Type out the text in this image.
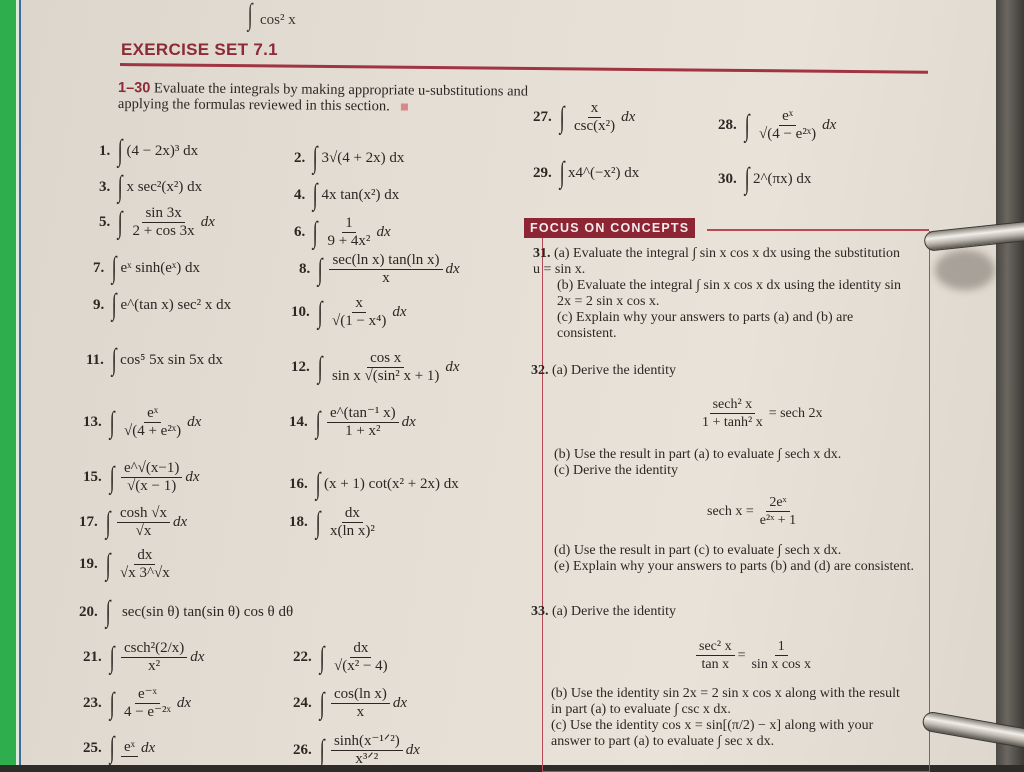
∫ cos² x
EXERCISE SET 7.1
1–30 Evaluate the integrals by making appropriate u-substitutions and applying the formulas reviewed in this section.
1. ∫ (4 − 2x)³ dx	2. ∫ 3√(4 + 2x) dx
3. ∫ x sec²(x²) dx	4. ∫ 4x tan(x²) dx
5. ∫ $\frac{\sin 3x}{2 + \cos 3x}$ dx
6. ∫ $\frac{1}{\text{9 + 4x²}}$ dx
7. ∫ eˣ sinh(eˣ) dx	8. ∫ $\frac{\text{sec(ln x) tan(ln x)}}{x}$ dx
9. ∫ e^(tan x) sec² x dx	10. ∫ $\frac{x}{\text{√(1 − x⁴)}}$ dx
11. ∫ cos⁵ 5x sin 5x dx	12. ∫ $\frac{\text{cos x}}{\text{sin x √(sin² x + 1)}}$ dx
13. ∫ $\frac{\text{eˣ}}{\text{√(4 + e²ˣ)}}$ dx	14. ∫ $\frac{\text{e\textasciicircum{}(tan⁻¹ x)}}{\text{1 + x²}}$ dx
15. ∫ $\frac{e\^{}√(x-1)}{√(x - 1)}$ dx	16. ∫ (x + 1) cot(x² + 2x) dx
17. ∫ $\frac{\cosh √x}{√x}$ dx	18. ∫ $\frac{dx}{\text{x(ln x)²}}$
19. ∫ $\frac{dx}{√x 3\^{}√x}$
20. ∫ sec(sin θ) tan(sin θ) cos θ dθ
21. ∫ $\frac{\text{csch²(2/x)}}{\text{x²}}$ dx	22. ∫ $\frac{dx}{\text{√(x² − 4)}}$
23. ∫ $\frac{\text{e⁻ˣ}}{\text{4 − e⁻²ˣ}}$ dx	24. ∫ $\frac{\text{cos(ln x)}}{x}$ dx
25. ∫ eˣ dx	26. ∫ $\frac{\text{sinh(x⁻¹ᐟ²)}}{\text{x³ᐟ²}}$ dx
27. ∫ $\frac{x}{\text{csc(x²)}}$ dx	28. ∫ $\frac{\text{eˣ}}{\text{√(4 − e²ˣ)}}$ dx
29. ∫ x4^(−x²) dx	30. ∫ 2^(πx) dx
FOCUS ON CONCEPTS
31. (a) Evaluate the integral ∫ sin x cos x dx using the substitution u = sin x.
(b) Evaluate the integral ∫ sin x cos x dx using the identity sin 2x = 2 sin x cos x.
(c) Explain why your answers to parts (a) and (b) are consistent.
32. (a) Derive the identity
$\frac{\text{sech² x}}{\text{1 + tanh² x}} = \sec h$ 2x
(b) Use the result in part (a) to evaluate ∫ sech x dx.
(c) Derive the identity
sech $x = \frac{\text{2eˣ}}{\text{e²ˣ + 1}}$
(d) Use the result in part (c) to evaluate ∫ sech x dx.
(e) Explain why your answers to parts (b) and (d) are consistent.
33. (a) Derive the identity
$\frac{\text{sec² x}}{\text{tan x}} = \frac{1}{\text{sin x cos x}}$
(b) Use the identity sin 2x = 2 sin x cos x along with the result in part (a) to evaluate ∫ csc x dx.
(c) Use the identity cos x = sin[(π/2) − x] along with your answer to part (a) to evaluate ∫ sec x dx.
